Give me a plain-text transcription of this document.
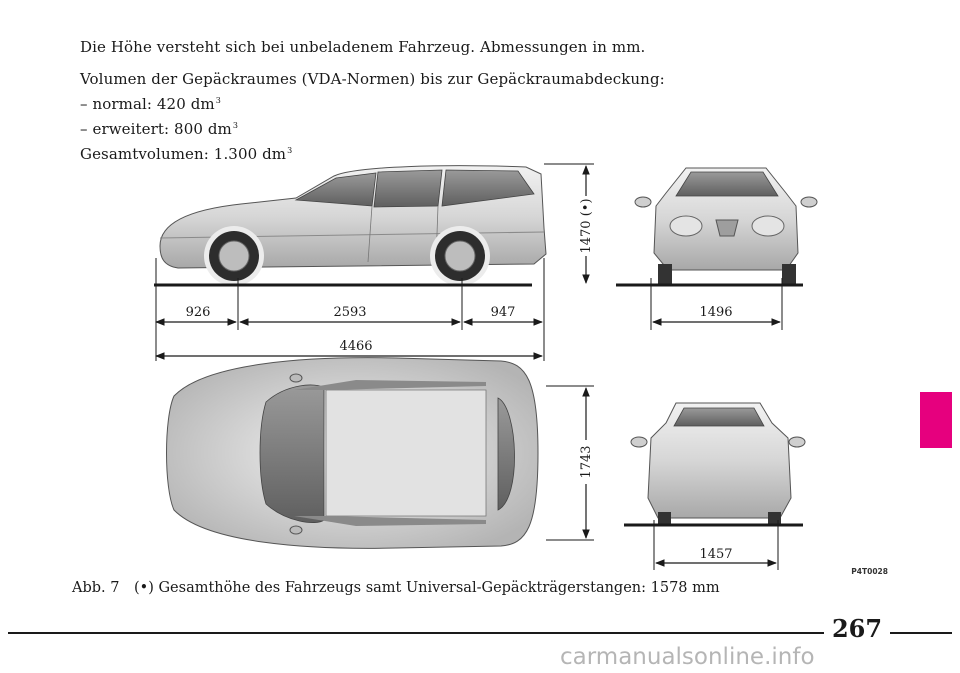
Die Höhe versteht sich bei unbeladenem Fahrzeug. Abmessungen in mm.
Volumen der Gepäckraumes (VDA-Normen) bis zur Gepäckraumabdeckung:
– normal: 420 $dm^3$
– erweitert: 800 $dm^3$
Gesamtvolumen: 1.300 $dm^3$
1470 (•)
926	2593	947
4466
1496
1743
1457
P4T0028
Abb. 7 (•) Gesamthöhe des Fahrzeugs samt Universal-Gepäckträgerstangen: 1578 mm
267
carmanualsonline.info
